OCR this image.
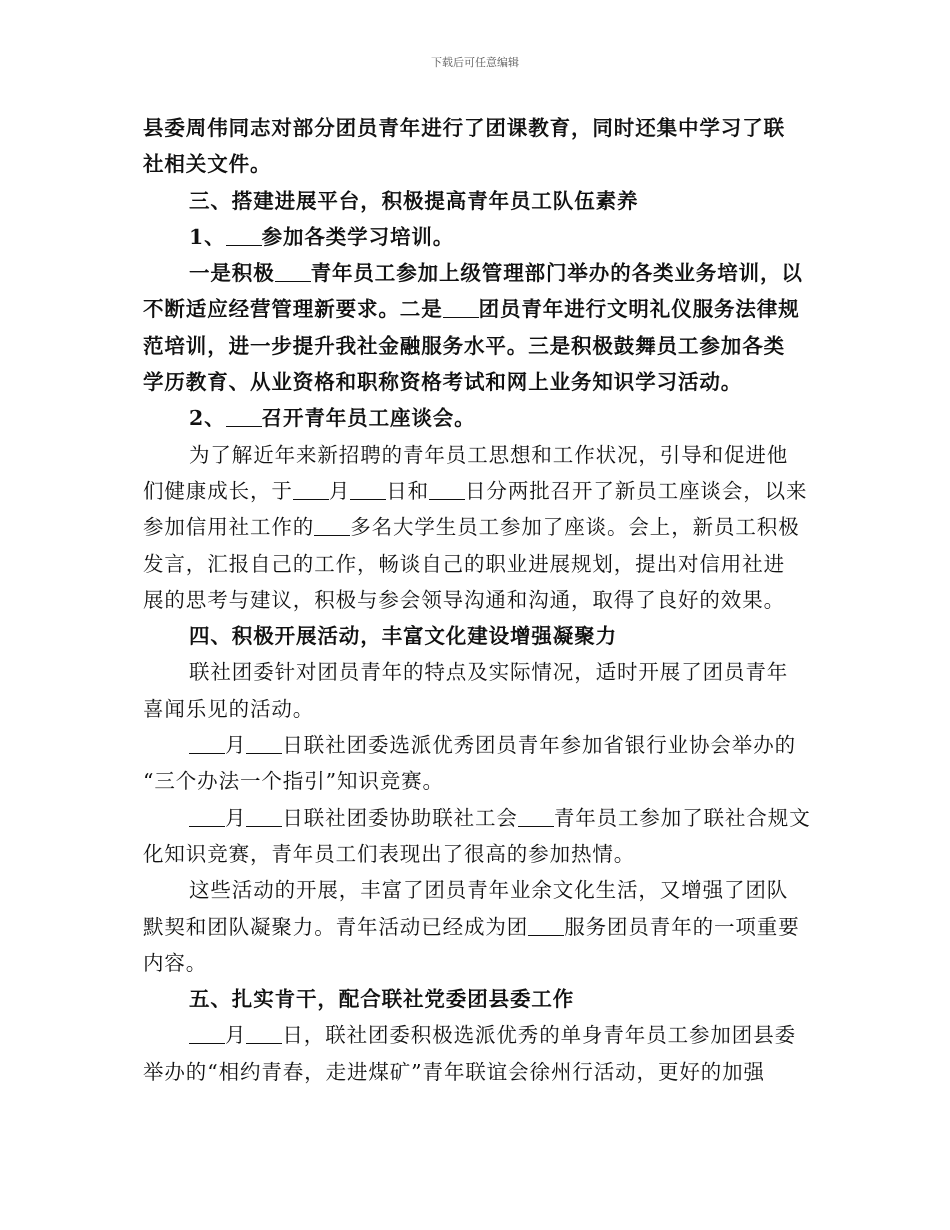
下载后可任意编辑
县委周伟同志对部分团员青年进行了团课教育，同时还集中学习了联
社相关文件。
三、搭建进展平台，积极提高青年员工队伍素养
1、 参加各类学习培训。
一是积极 青年员工参加上级管理部门举办的各类业务培训，以
不断适应经营管理新要求。二是 团员青年进行文明礼仪服务法律规
范培训，进一步提升我社金融服务水平。三是积极鼓舞员工参加各类
学历教育、从业资格和职称资格考试和网上业务知识学习活动。
2、 召开青年员工座谈会。
为了解近年来新招聘的青年员工思想和工作状况，引导和促进他
们健康成长，于 月 日和 日分两批召开了新员工座谈会，以来
参加信用社工作的 多名大学生员工参加了座谈。会上，新员工积极
发言，汇报自己的工作，畅谈自己的职业进展规划，提出对信用社进
展的思考与建议，积极与参会领导沟通和沟通，取得了良好的效果。
四、积极开展活动，丰富文化建设增强凝聚力
联社团委针对团员青年的特点及实际情况，适时开展了团员青年
喜闻乐见的活动。
月 日联社团委选派优秀团员青年参加省银行业协会举办的
“三个办法一个指引”知识竞赛。
月 日联社团委协助联社工会 青年员工参加了联社合规文
化知识竞赛，青年员工们表现出了很高的参加热情。
这些活动的开展，丰富了团员青年业余文化生活，又增强了团队
默契和团队凝聚力。青年活动已经成为团 服务团员青年的一项重要
内容。
五、扎实肯干，配合联社党委团县委工作
月 日，联社团委积极选派优秀的单身青年员工参加团县委
举办的“相约青春，走进煤矿”青年联谊会徐州行活动，更好的加强
